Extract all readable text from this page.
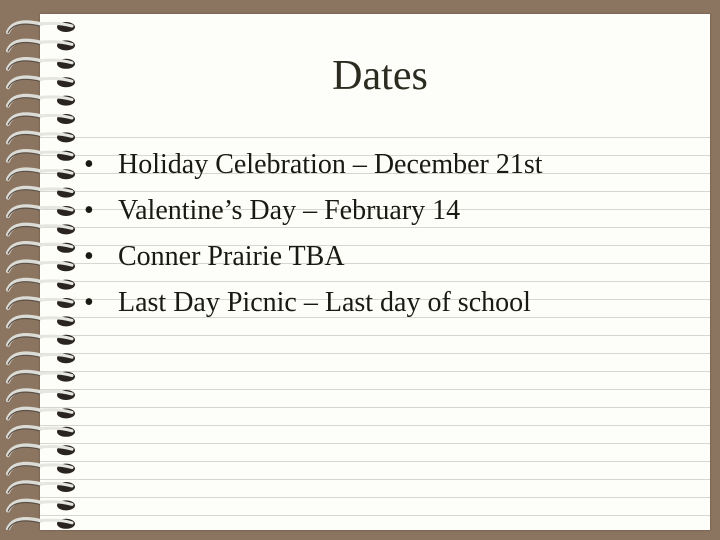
Dates
• Holiday Celebration – December 21st
• Valentine’s Day – February 14
• Conner Prairie TBA
• Last Day Picnic – Last day of school
